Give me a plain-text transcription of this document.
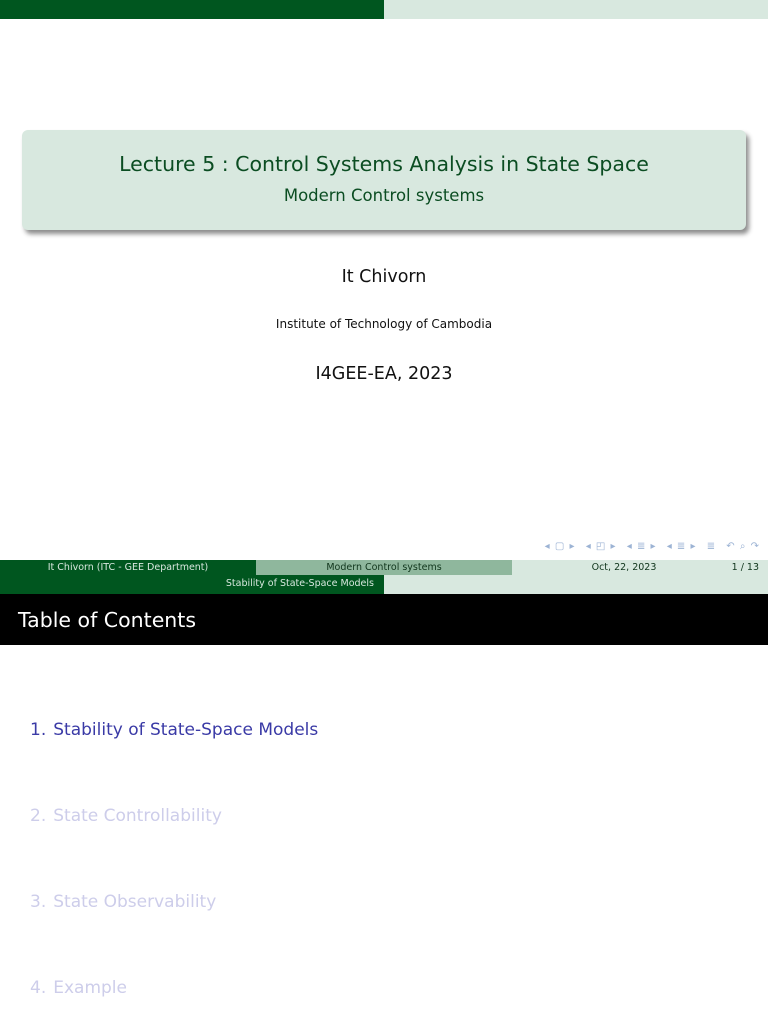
Lecture 5 : Control Systems Analysis in State Space
Modern Control systems
It Chivorn
Institute of Technology of Cambodia
I4GEE-EA, 2023
◂ ▢ ▸ ◂ ◰ ▸ ◂ ≣ ▸ ◂ ≣ ▸ ≣ ↶ ⌕ ↷
It Chivorn (ITC - GEE Department)	Modern Control systems	Oct, 22, 2023	1 / 13
Stability of State-Space Models
Table of Contents
1. Stability of State-Space Models
2. State Controllability
3. State Observability
4. Example
